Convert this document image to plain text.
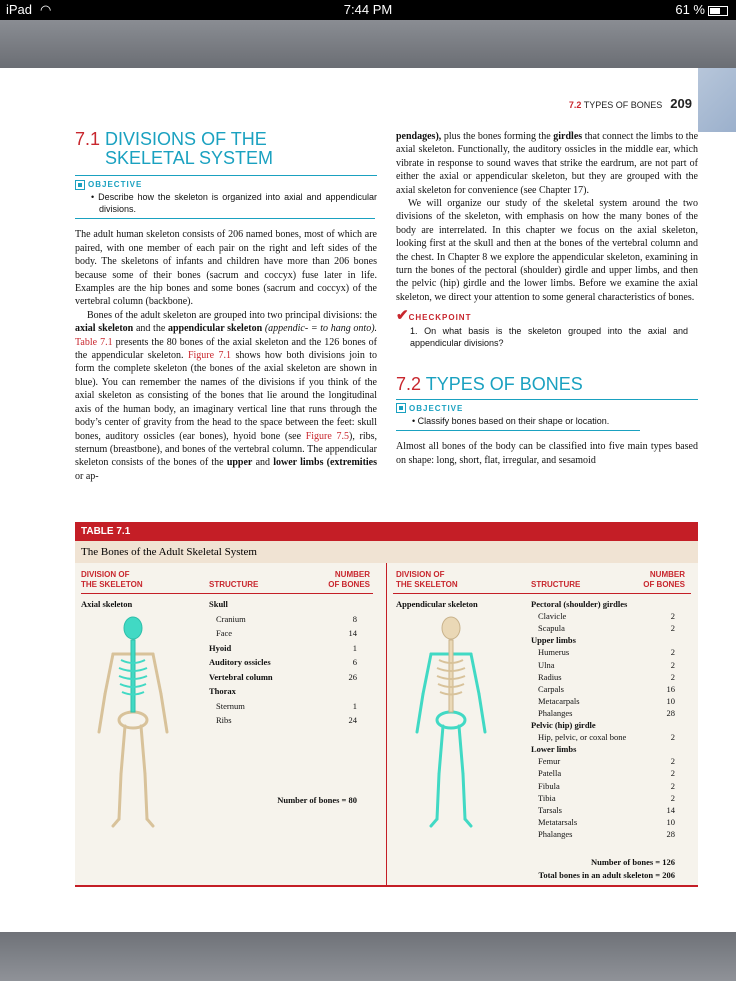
iPad ◠	7:44 PM	61 %
7.2 TYPES OF BONES 209
7.1 DIVISIONS OF THE
SKELETAL SYSTEM
OBJECTIVE
• Describe how the skeleton is organized into axial and appendicular divisions.

The adult human skeleton consists of 206 named bones, most of which are paired, with one member of each pair on the right and left sides of the body. The skeletons of infants and children have more than 206 bones because some of their bones (sacrum and coccyx) fuse later in life. Examples are the hip bones and some bones (sacrum and coccyx) of the vertebral column (backbone).

Bones of the adult skeleton are grouped into two principal divisions: the axial skeleton and the appendicular skeleton (appendic- = to hang onto). Table 7.1 presents the 80 bones of the axial skeleton and the 126 bones of the appendicular skeleton. Figure 7.1 shows how both divisions join to form the complete skeleton (the bones of the axial skeleton are shown in blue). You can remember the names of the divisions if you think of the axial skeleton as consisting of the bones that lie around the longitudinal axis of the human body, an imaginary vertical line that runs through the body’s center of gravity from the head to the space between the feet: skull bones, auditory ossicles (ear bones), hyoid bone (see Figure 7.5), ribs, sternum (breastbone), and bones of the vertebral column. The appendicular skeleton consists of the bones of the upper and lower limbs (extremities or ap-

pendages), plus the bones forming the girdles that connect the limbs to the axial skeleton. Functionally, the auditory ossicles in the middle ear, which vibrate in response to sound waves that strike the eardrum, are not part of either the axial or appendicular skeleton, but they are grouped with the axial skeleton for convenience (see Chapter 17).

We will organize our study of the skeletal system around the two divisions of the skeleton, with emphasis on how the many bones of the body are interrelated. In this chapter we focus on the axial skeleton, looking first at the skull and then at the bones of the vertebral column and the chest. In Chapter 8 we explore the appendicular skeleton, examining in turn the bones of the pectoral (shoulder) girdle and upper limbs, and then the pelvic (hip) girdle and the lower limbs. Before we examine the axial skeleton, we direct your attention to some general characteristics of bones.

✔CHECKPOINT
1. On what basis is the skeleton grouped into the axial and appendicular divisions?
7.2 TYPES OF BONES
OBJECTIVE
• Classify bones based on their shape or location.

Almost all bones of the body can be classified into five main types based on shape: long, short, flat, irregular, and sesamoid

TABLE 7.1
The Bones of the Adult Skeletal System
DIVISION OF
THE SKELETON	STRUCTURE
NUMBER
OF BONES
DIVISION OF
THE SKELETON	STRUCTURE
NUMBER
OF BONES
Axial skeleton	Appendicular skeleton
Skull
Cranium	8
Face	14
Hyoid	1
Auditory ossicles	6
Vertebral column	26
Thorax
Sternum	1
Ribs	24
Number of bones = 80
Pectoral (shoulder) girdles
Clavicle	2
Scapula	2
Upper limbs
Humerus	2
Ulna	2
Radius	2
Carpals	16
Metacarpals	10
Phalanges	28
Pelvic (hip) girdle
Hip, pelvic, or coxal bone	2
Lower limbs
Femur	2
Patella	2
Fibula	2
Tibia	2
Tarsals	14
Metatarsals	10
Phalanges	28
Number of bones = 126
Total bones in an adult skeleton = 206
